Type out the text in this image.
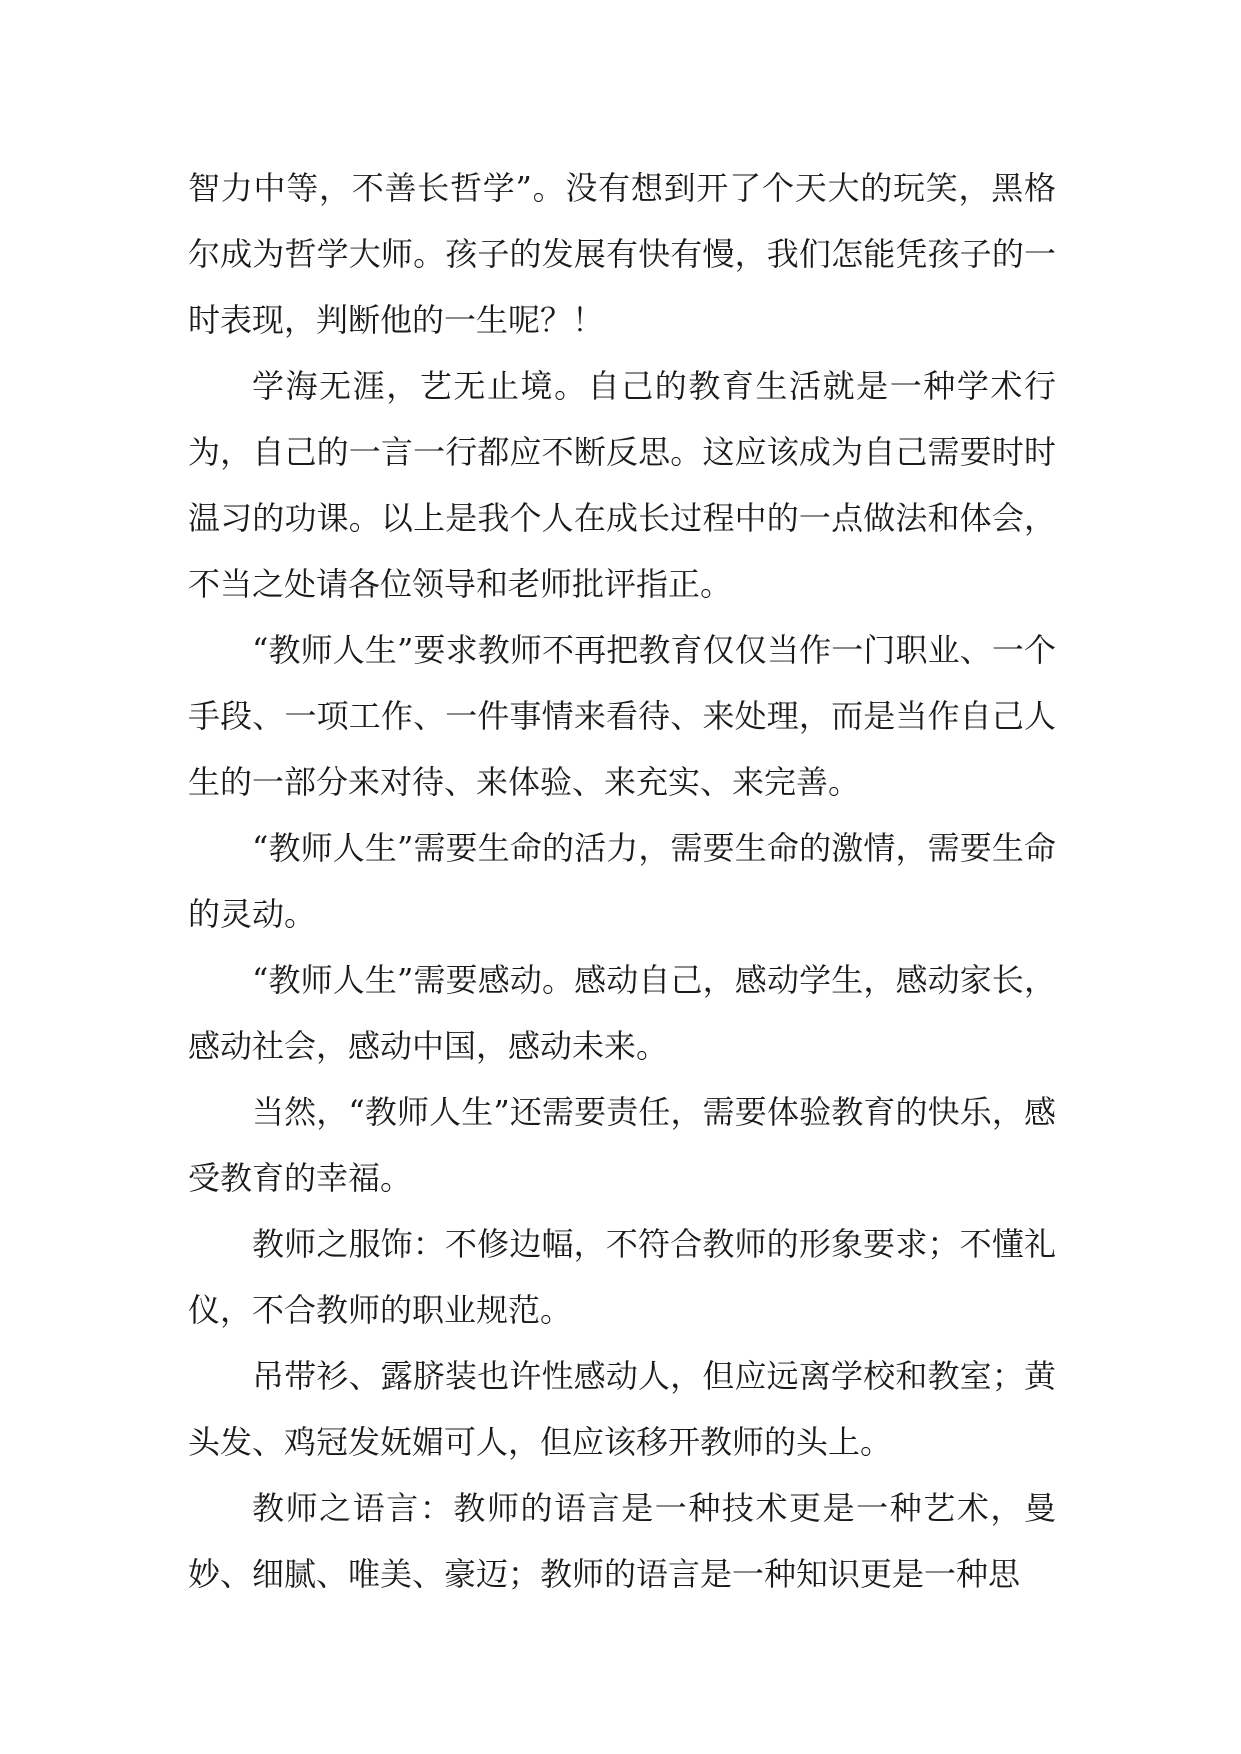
智力中等，不善长哲学”。没有想到开了个天大的玩笑，黑格尔成为哲学大师。孩子的发展有快有慢，我们怎能凭孩子的一时表现，判断他的一生呢？！

学海无涯，艺无止境。自己的教育生活就是一种学术行为，自己的一言一行都应不断反思。这应该成为自己需要时时温习的功课。以上是我个人在成长过程中的一点做法和体会，不当之处请各位领导和老师批评指正。

“教师人生”要求教师不再把教育仅仅当作一门职业、一个手段、一项工作、一件事情来看待、来处理，而是当作自己人生的一部分来对待、来体验、来充实、来完善。

“教师人生”需要生命的活力，需要生命的激情，需要生命的灵动。

“教师人生”需要感动。感动自己，感动学生，感动家长，感动社会，感动中国，感动未来。

当然，“教师人生”还需要责任，需要体验教育的快乐，感受教育的幸福。

教师之服饰：不修边幅，不符合教师的形象要求；不懂礼仪，不合教师的职业规范。

吊带衫、露脐装也许性感动人，但应远离学校和教室；黄头发、鸡冠发妩媚可人，但应该移开教师的头上。

教师之语言：教师的语言是一种技术更是一种艺术，曼妙、细腻、唯美、豪迈；教师的语言是一种知识更是一种思
